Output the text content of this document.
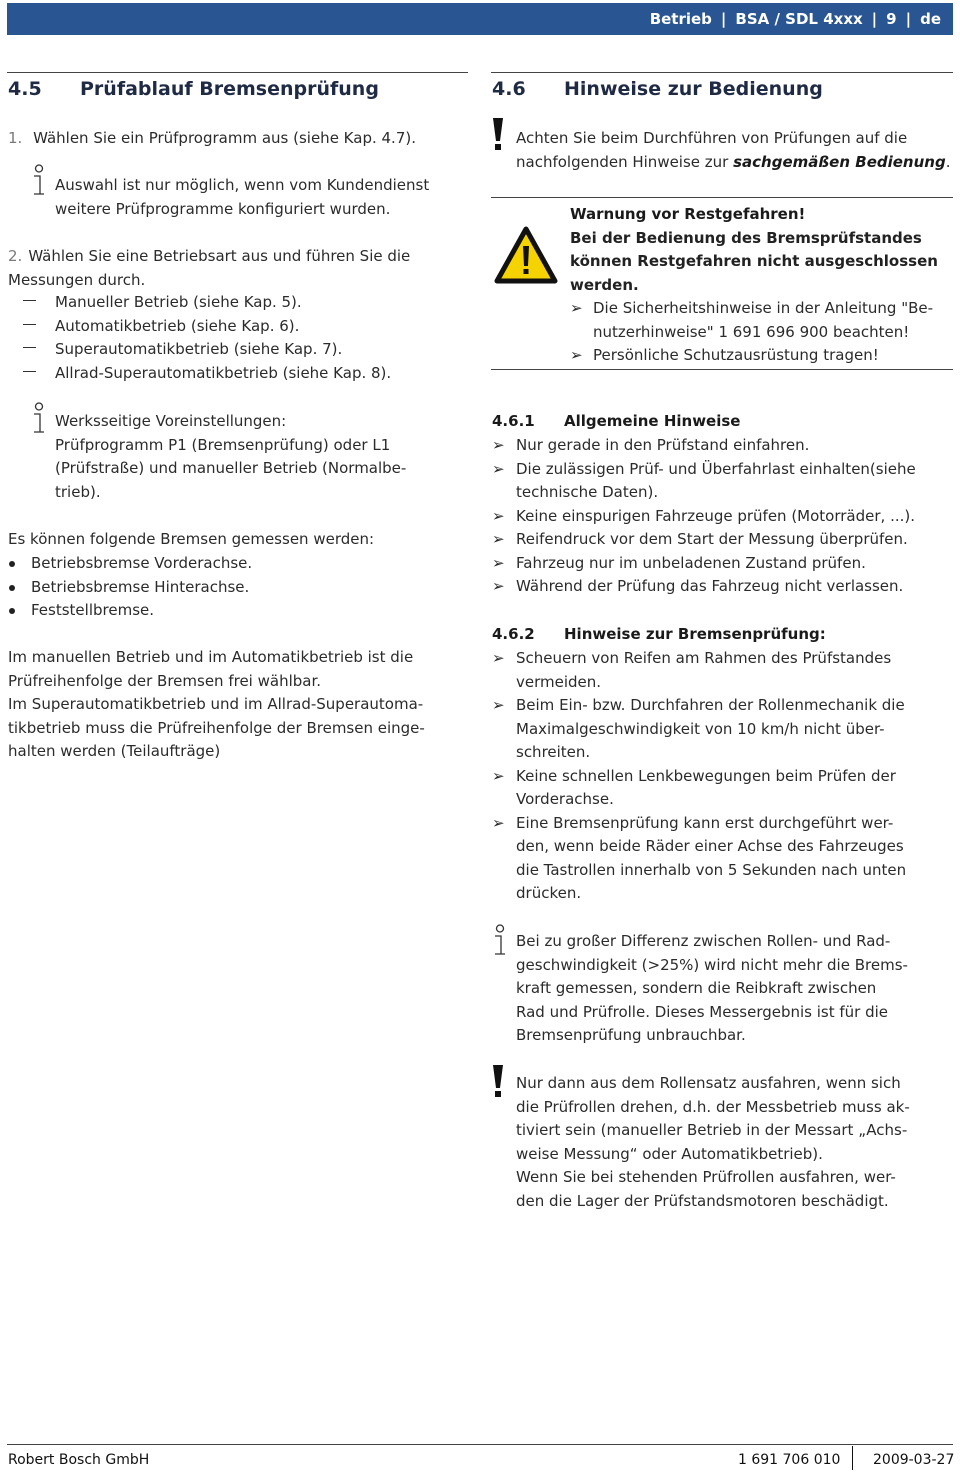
Betrieb | BSA / SDL 4xxx | 9 | de
4.5 Prüfablauf Bremsenprüfung
1. Wählen Sie ein Prüfprogramm aus (siehe Kap. 4.7).
Auswahl ist nur möglich, wenn vom Kundendienst
weitere Prüfprogramme konfiguriert wurden.
2. Wählen Sie eine Betriebsart aus und führen Sie die
Messungen durch.
Manueller Betrieb (siehe Kap. 5).
Automatikbetrieb (siehe Kap. 6).
Superautomatikbetrieb (siehe Kap. 7).
Allrad-Superautomatikbetrieb (siehe Kap. 8).
Werksseitige Voreinstellungen:
Prüfprogramm P1 (Bremsenprüfung) oder L1
(Prüfstraße) und manueller Betrieb (Normalbe-
trieb).
Es können folgende Bremsen gemessen werden:
Betriebsbremse Vorderachse.
Betriebsbremse Hinterachse.
Feststellbremse.
Im manuellen Betrieb und im Automatikbetrieb ist die
Prüfreihenfolge der Bremsen frei wählbar.
Im Superautomatikbetrieb und im Allrad-Superautoma-
tikbetrieb muss die Prüfreihenfolge der Bremsen einge-
halten werden (Teilaufträge)
4.6 Hinweise zur Bedienung
Achten Sie beim Durchführen von Prüfungen auf die
nachfolgenden Hinweise zur sachgemäßen Bedienung.
Warnung vor Restgefahren!
Bei der Bedienung des Bremsprüfstandes
können Restgefahren nicht ausgeschlossen
werden.
➢ Die Sicherheitshinweise in der Anleitung "Be-
nutzerhinweise" 1 691 696 900 beachten!
➢ Persönliche Schutzausrüstung tragen!
4.6.1 Allgemeine Hinweise
➢ Nur gerade in den Prüfstand einfahren.
➢ Die zulässigen Prüf- und Überfahrlast einhalten(siehe
technische Daten).
➢ Keine einspurigen Fahrzeuge prüfen (Motorräder, ...).
➢ Reifendruck vor dem Start der Messung überprüfen.
➢ Fahrzeug nur im unbeladenen Zustand prüfen.
➢ Während der Prüfung das Fahrzeug nicht verlassen.
4.6.2 Hinweise zur Bremsenprüfung:
➢ Scheuern von Reifen am Rahmen des Prüfstandes
vermeiden.
➢ Beim Ein- bzw. Durchfahren der Rollenmechanik die
Maximalgeschwindigkeit von 10 km/h nicht über-
schreiten.
➢ Keine schnellen Lenkbewegungen beim Prüfen der
Vorderachse.
➢ Eine Bremsenprüfung kann erst durchgeführt wer-
den, wenn beide Räder einer Achse des Fahrzeuges
die Tastrollen innerhalb von 5 Sekunden nach unten
drücken.
Bei zu großer Differenz zwischen Rollen- und Rad-
geschwindigkeit (>25%) wird nicht mehr die Brems-
kraft gemessen, sondern die Reibkraft zwischen
Rad und Prüfrolle. Dieses Messergebnis ist für die
Bremsenprüfung unbrauchbar.
Nur dann aus dem Rollensatz ausfahren, wenn sich
die Prüfrollen drehen, d.h. der Messbetrieb muss ak-
tiviert sein (manueller Betrieb in der Messart „Achs-
weise Messung“ oder Automatikbetrieb).
Wenn Sie bei stehenden Prüfrollen ausfahren, wer-
den die Lager der Prüfstandsmotoren beschädigt.
Robert Bosch GmbH	1 691 706 010 2009-03-27
